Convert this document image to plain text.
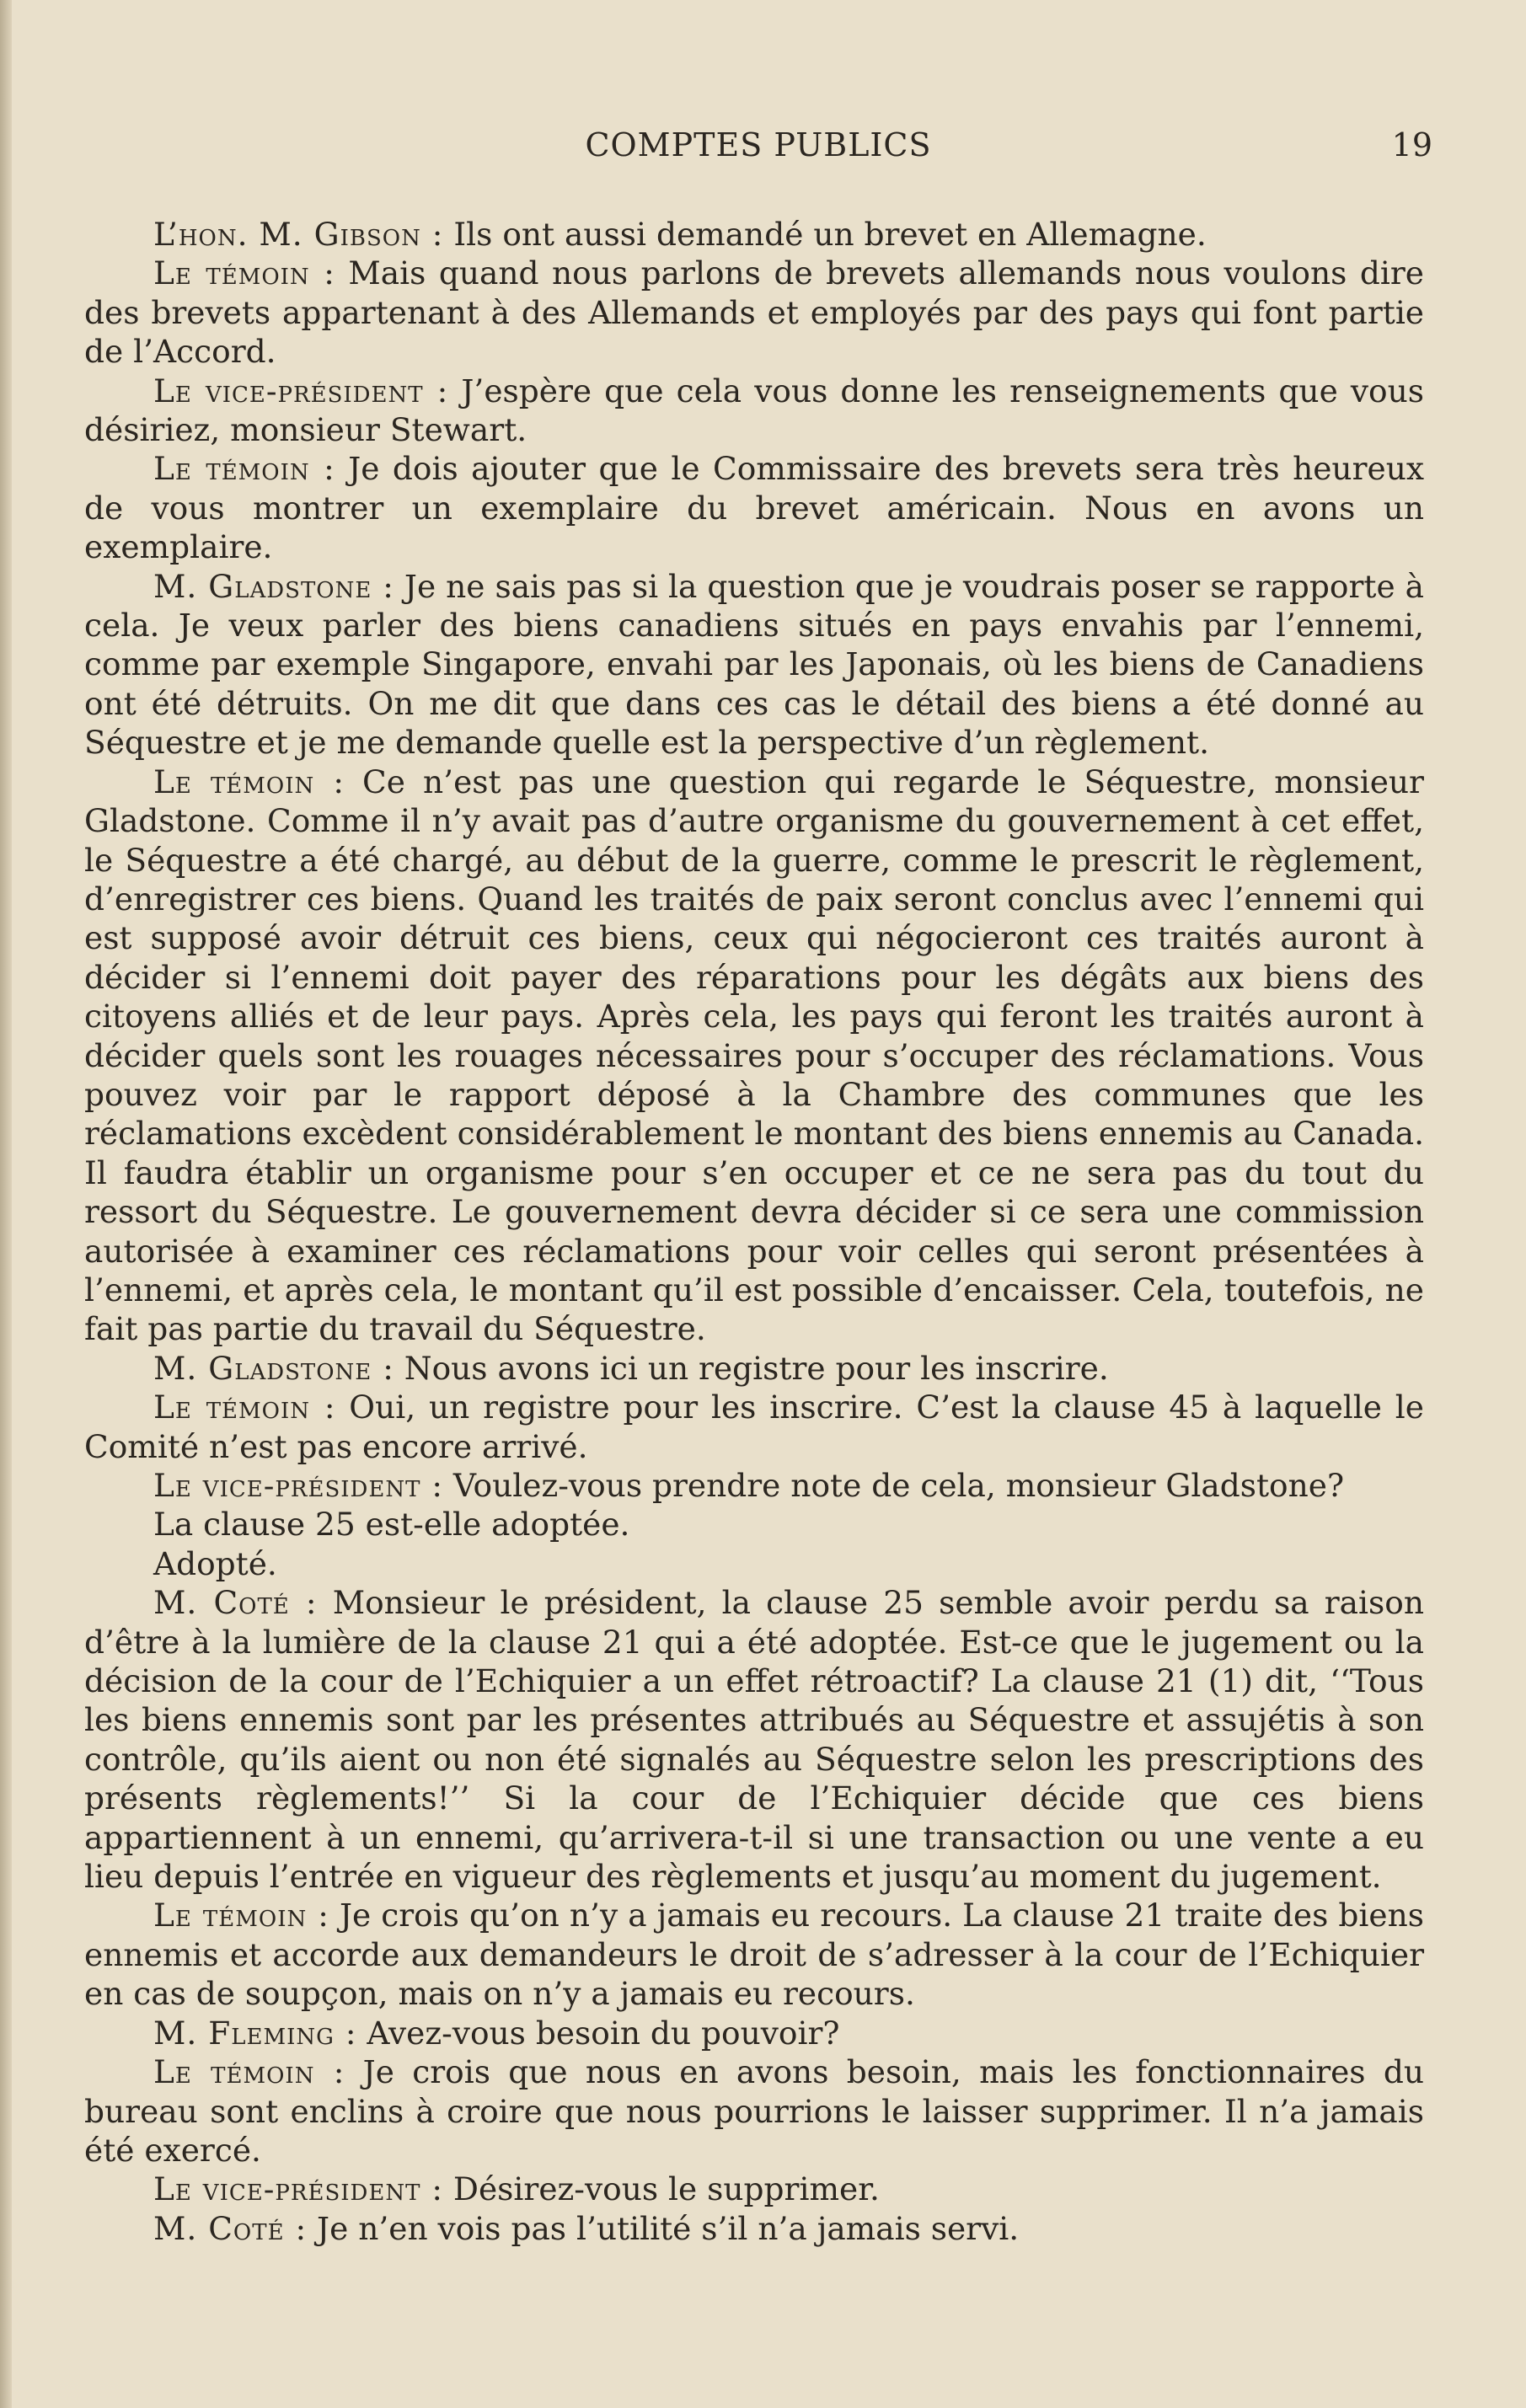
COMPTES PUBLICS	19

L’hon. M. Gibson : Ils ont aussi demandé un brevet en Allemagne.

Le témoin : Mais quand nous parlons de brevets allemands nous voulons dire des brevets appartenant à des Allemands et employés par des pays qui font partie de l’Accord.

Le vice-président : J’espère que cela vous donne les renseignements que vous désiriez, monsieur Stewart.

Le témoin : Je dois ajouter que le Commissaire des brevets sera très heureux de vous montrer un exemplaire du brevet américain. Nous en avons un exemplaire.

M. Gladstone : Je ne sais pas si la question que je voudrais poser se rapporte à cela. Je veux parler des biens canadiens situés en pays envahis par l’ennemi, comme par exemple Singapore, envahi par les Japonais, où les biens de Canadiens ont été détruits. On me dit que dans ces cas le détail des biens a été donné au Séquestre et je me demande quelle est la perspective d’un règlement.

Le témoin : Ce n’est pas une question qui regarde le Séquestre, monsieur Gladstone. Comme il n’y avait pas d’autre organisme du gouvernement à cet effet, le Séquestre a été chargé, au début de la guerre, comme le prescrit le règlement, d’enregistrer ces biens. Quand les traités de paix seront conclus avec l’ennemi qui est supposé avoir détruit ces biens, ceux qui négocieront ces traités auront à décider si l’ennemi doit payer des réparations pour les dégâts aux biens des citoyens alliés et de leur pays. Après cela, les pays qui feront les traités auront à décider quels sont les rouages nécessaires pour s’occuper des réclamations. Vous pouvez voir par le rapport déposé à la Chambre des communes que les réclamations excèdent considérablement le montant des biens ennemis au Canada. Il faudra établir un organisme pour s’en occuper et ce ne sera pas du tout du ressort du Séquestre. Le gouvernement devra décider si ce sera une commission autorisée à examiner ces réclamations pour voir celles qui seront présentées à l’ennemi, et après cela, le montant qu’il est possible d’encaisser. Cela, toutefois, ne fait pas partie du travail du Séquestre.

M. Gladstone : Nous avons ici un registre pour les inscrire.

Le témoin : Oui, un registre pour les inscrire. C’est la clause 45 à laquelle le Comité n’est pas encore arrivé.

Le vice-président : Voulez-vous prendre note de cela, monsieur Gladstone?

La clause 25 est-elle adoptée.

Adopté.

M. Coté : Monsieur le président, la clause 25 semble avoir perdu sa raison d’être à la lumière de la clause 21 qui a été adoptée. Est-ce que le jugement ou la décision de la cour de l’Echiquier a un effet rétroactif? La clause 21 (1) dit, ‘‘Tous les biens ennemis sont par les présentes attribués au Séquestre et assujétis à son contrôle, qu’ils aient ou non été signalés au Séquestre selon les prescriptions des présents règlements!’’ Si la cour de l’Echiquier décide que ces biens appartiennent à un ennemi, qu’arrivera-t-il si une transaction ou une vente a eu lieu depuis l’entrée en vigueur des règlements et jusqu’au moment du jugement.

Le témoin : Je crois qu’on n’y a jamais eu recours. La clause 21 traite des biens ennemis et accorde aux demandeurs le droit de s’adresser à la cour de l’Echiquier en cas de soupçon, mais on n’y a jamais eu recours.

M. Fleming : Avez-vous besoin du pouvoir?

Le témoin : Je crois que nous en avons besoin, mais les fonctionnaires du bureau sont enclins à croire que nous pourrions le laisser supprimer. Il n’a jamais été exercé.

Le vice-président : Désirez-vous le supprimer.

M. Coté : Je n’en vois pas l’utilité s’il n’a jamais servi.
